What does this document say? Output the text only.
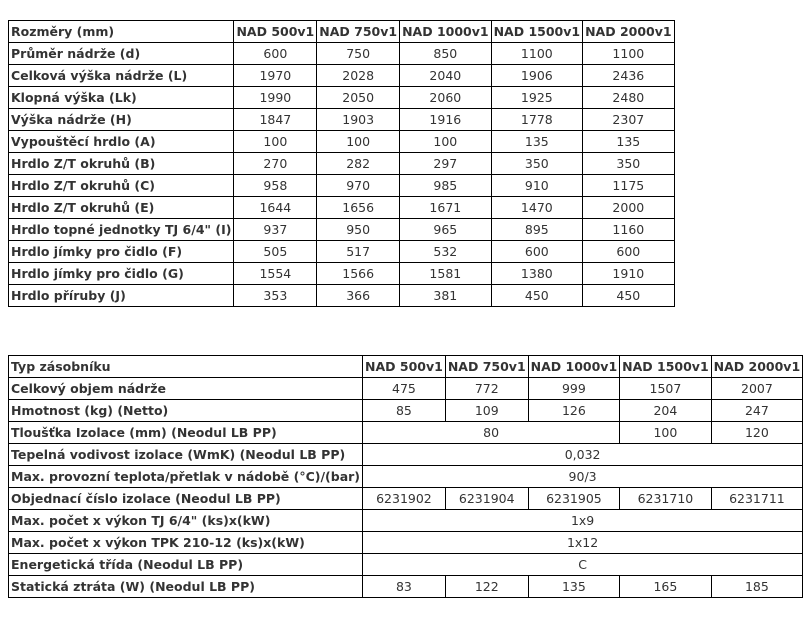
Rozměry (mm)	NAD 500v1	NAD 750v1	NAD 1000v1	NAD 1500v1	NAD 2000v1
Průměr nádrže (d)	600	750	850	1100	1100
Celková výška nádrže (L)	1970	2028	2040	1906	2436
Klopná výška (Lk)	1990	2050	2060	1925	2480
Výška nádrže (H)	1847	1903	1916	1778	2307
Vypouštěcí hrdlo (A)	100	100	100	135	135
Hrdlo Z/T okruhů (B)	270	282	297	350	350
Hrdlo Z/T okruhů (C)	958	970	985	910	1175
Hrdlo Z/T okruhů (E)	1644	1656	1671	1470	2000
Hrdlo topné jednotky TJ 6/4" (I)	937	950	965	895	1160
Hrdlo jímky pro čidlo (F)	505	517	532	600	600
Hrdlo jímky pro čidlo (G)	1554	1566	1581	1380	1910
Hrdlo příruby (J)	353	366	381	450	450
Typ zásobníku	NAD 500v1	NAD 750v1	NAD 1000v1	NAD 1500v1	NAD 2000v1
Celkový objem nádrže	475	772	999	1507	2007
Hmotnost (kg) (Netto)	85	109	126	204	247
Tloušťka Izolace (mm) (Neodul LB PP)	80			100	120
Tepelná vodivost izolace (WmK) (Neodul LB PP)	0,032				
Max. provozní teplota/přetlak v nádobě (°C)/(bar)	90/3				
Objednací číslo izolace (Neodul LB PP)	6231902	6231904	6231905	6231710	6231711
Max. počet x výkon TJ 6/4" (ks)x(kW)	1x9				
Max. počet x výkon TPK 210-12 (ks)x(kW)	1x12				
Energetická třída (Neodul LB PP)	C				
Statická ztráta (W) (Neodul LB PP)	83	122	135	165	185
